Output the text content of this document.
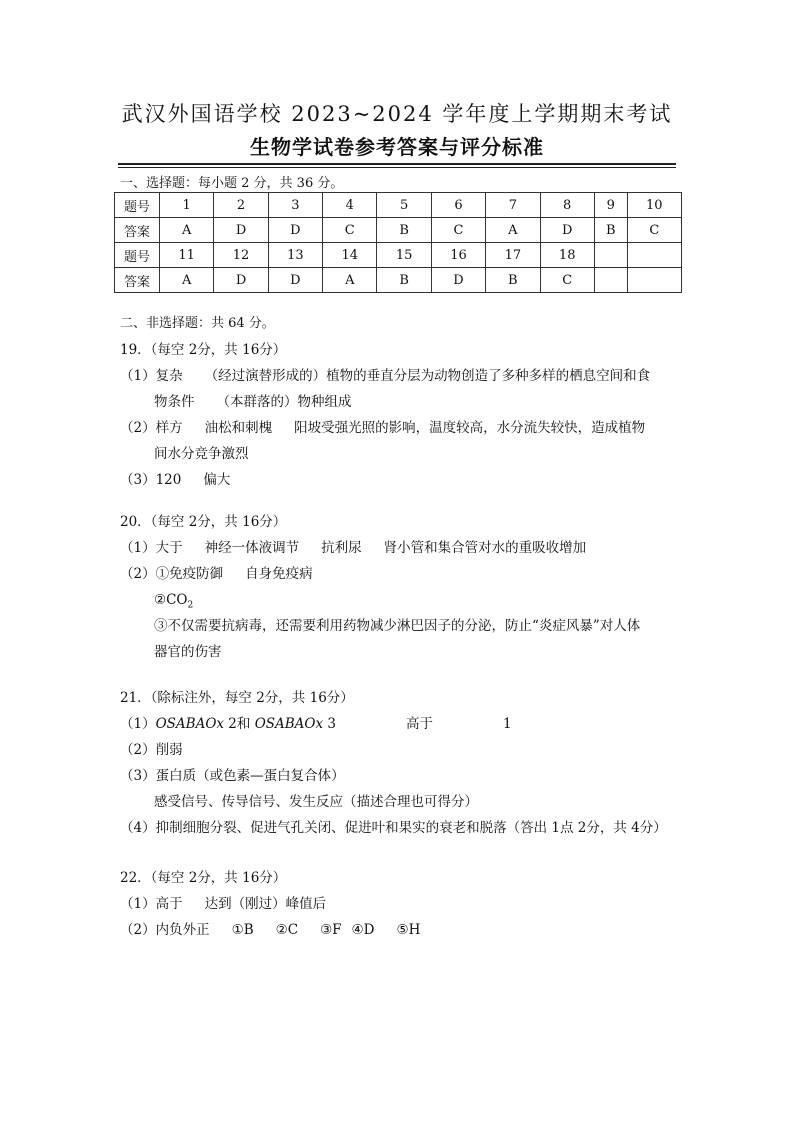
武汉外国语学校 2023~2024 学年度上学期期末考试
生物学试卷参考答案与评分标准
一、选择题：每小题 2 分，共 36 分。
题号	1	2	3	4	5	6	7	8	9	10
答案	A	D	D	C	B	C	A	D	B	C
题号	11	12	13	14	15	16	17	18		
答案	A	D	D	A	B	D	B	C		
二、非选择题：共 64 分。
19．（每空 2分，共 16分）
（1）复杂 （经过演替形成的）植物的垂直分层为动物创造了多种多样的栖息空间和食
物条件 （本群落的）物种组成
（2）样方 油松和刺槐 阳坡受强光照的影响，温度较高，水分流失较快，造成植物
间水分竞争激烈
（3）120 偏大
20．（每空 2分，共 16分）
（1）大于 神经一体液调节 抗利尿 肾小管和集合管对水的重吸收增加
（2）①免疫防御 自身免疫病
$②CO_2$
③不仅需要抗病毒，还需要利用药物减少淋巴因子的分泌，防止“炎症风暴”对人体
器官的伤害
21．（除标注外，每空 2分，共 16分）
（1）OSABAOx 2和 OSABAOx 3	高于	1
（2）削弱
（3）蛋白质（或色素—蛋白复合体）
感受信号、传导信号、发生反应（描述合理也可得分）
（4）抑制细胞分裂、促进气孔关闭、促进叶和果实的衰老和脱落（答出 1点 2分，共 4分）
22．（每空 2分，共 16分）
（1）高于 达到（刚过）峰值后
（2）内负外正 ①B ②C ③F ④D ⑤H
